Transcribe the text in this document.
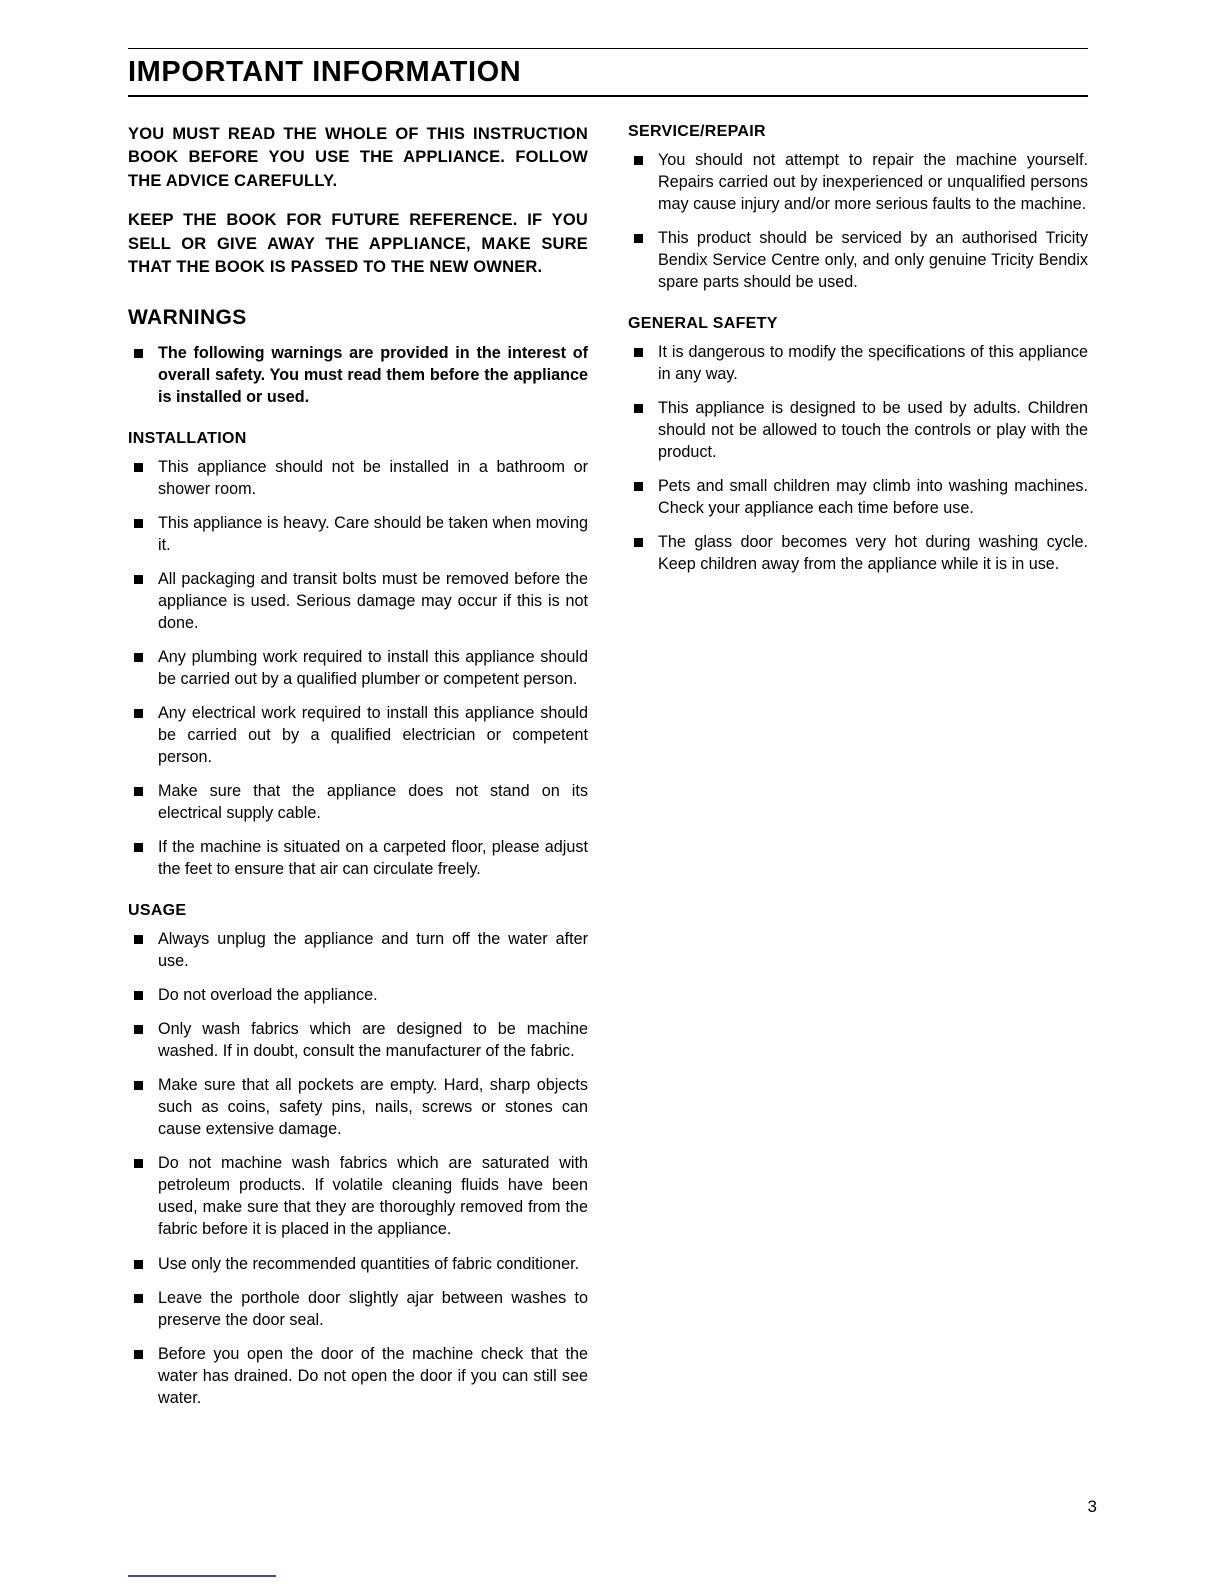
IMPORTANT INFORMATION

YOU MUST READ THE WHOLE OF THIS INSTRUCTION BOOK BEFORE YOU USE THE APPLIANCE. FOLLOW THE ADVICE CAREFULLY.

KEEP THE BOOK FOR FUTURE REFERENCE. IF YOU SELL OR GIVE AWAY THE APPLIANCE, MAKE SURE THAT THE BOOK IS PASSED TO THE NEW OWNER.

WARNINGS
The following warnings are provided in the interest of overall safety. You must read them before the appliance is installed or used.
INSTALLATION
This appliance should not be installed in a bathroom or shower room.
This appliance is heavy. Care should be taken when moving it.
All packaging and transit bolts must be removed before the appliance is used. Serious damage may occur if this is not done.
Any plumbing work required to install this appliance should be carried out by a qualified plumber or competent person.
Any electrical work required to install this appliance should be carried out by a qualified electrician or competent person.
Make sure that the appliance does not stand on its electrical supply cable.
If the machine is situated on a carpeted floor, please adjust the feet to ensure that air can circulate freely.
USAGE
Always unplug the appliance and turn off the water after use.
Do not overload the appliance.
Only wash fabrics which are designed to be machine washed. If in doubt, consult the manufacturer of the fabric.
Make sure that all pockets are empty. Hard, sharp objects such as coins, safety pins, nails, screws or stones can cause extensive damage.
Do not machine wash fabrics which are saturated with petroleum products. If volatile cleaning fluids have been used, make sure that they are thoroughly removed from the fabric before it is placed in the appliance.
Use only the recommended quantities of fabric conditioner.
Leave the porthole door slightly ajar between washes to preserve the door seal.
Before you open the door of the machine check that the water has drained. Do not open the door if you can still see water.
SERVICE/REPAIR
You should not attempt to repair the machine yourself. Repairs carried out by inexperienced or unqualified persons may cause injury and/or more serious faults to the machine.
This product should be serviced by an authorised Tricity Bendix Service Centre only, and only genuine Tricity Bendix spare parts should be used.
GENERAL SAFETY
It is dangerous to modify the specifications of this appliance in any way.
This appliance is designed to be used by adults. Children should not be allowed to touch the controls or play with the product.
Pets and small children may climb into washing machines. Check your appliance each time before use.
The glass door becomes very hot during washing cycle. Keep children away from the appliance while it is in use.
3
